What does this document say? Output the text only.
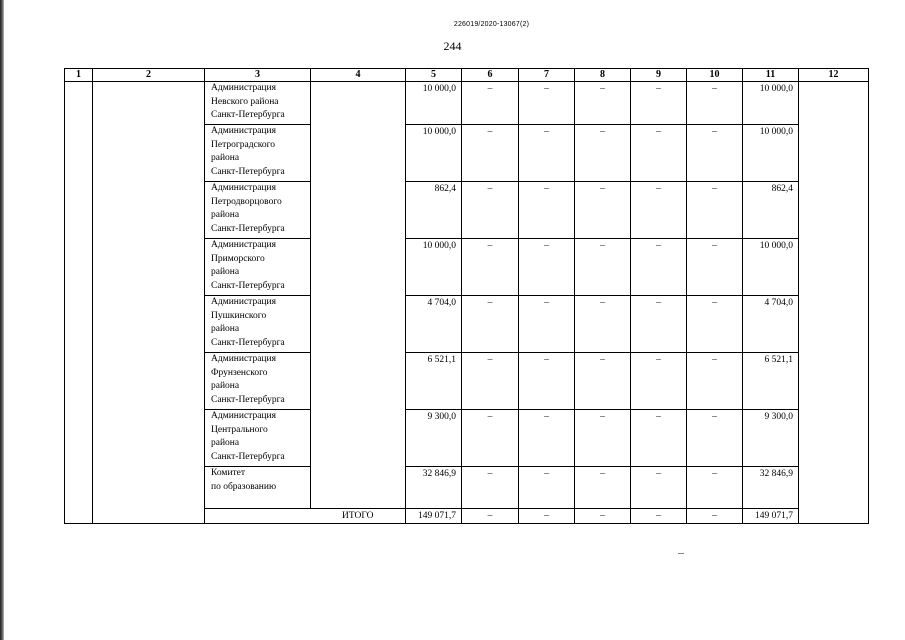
226019/2020-13067(2)
244
1	2	3	4	5	6	7	8	9	10	11	12

		Администрация
Невского района
Санкт-Петербурга		10 000,0	–	–	–	–	–	10 000,0	

		Администрация
Петроградского
района
Санкт-Петербурга		10 000,0	–	–	–	–	–	10 000,0	

		Администрация
Петродворцового
района
Санкт-Петербурга		862,4	–	–	–	–	–	862,4	

		Администрация
Приморского
района
Санкт-Петербурга		10 000,0	–	–	–	–	–	10 000,0	

		Администрация
Пушкинского
района
Санкт-Петербурга		4 704,0	–	–	–	–	–	4 704,0	

		Администрация
Фрунзенского
района
Санкт-Петербурга		6 521,1	–	–	–	–	–	6 521,1	

		Администрация
Центрального
района
Санкт-Петербурга		9 300,0	–	–	–	–	–	9 300,0	

		Комитет
по образованию		32 846,9	–	–	–	–	–	32 846,9	
			ИТОГО	149 071,7	–	–	–	–	–	149 071,7	
